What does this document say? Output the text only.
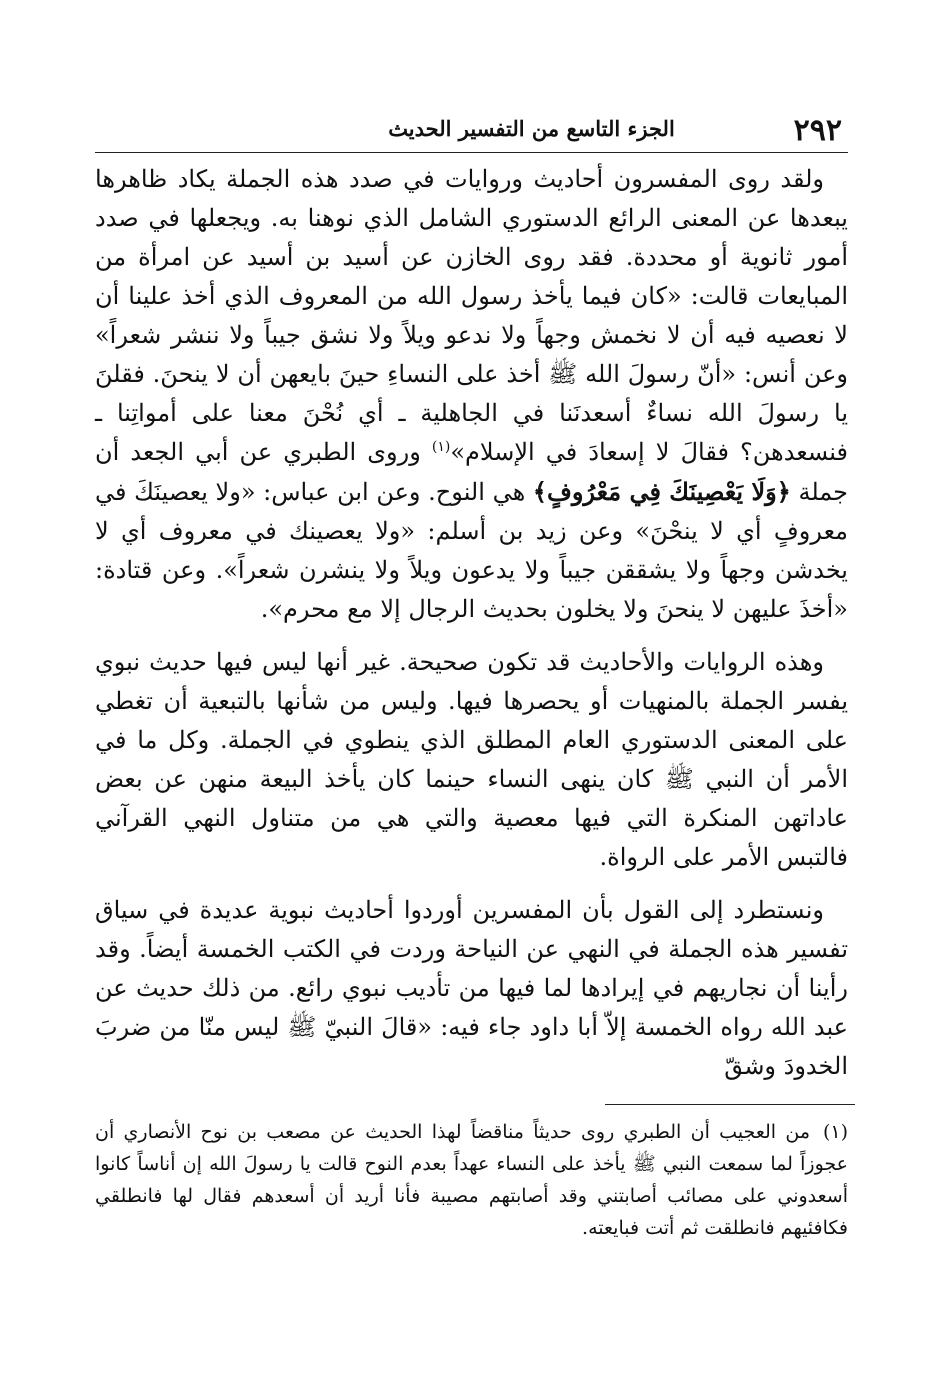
٢٩٢
الجزء التاسع من التفسير الحديث

ولقد روى المفسرون أحاديث وروايات في صدد هذه الجملة يكاد ظاهرها يبعدها عن المعنى الرائع الدستوري الشامل الذي نوهنا به. ويجعلها في صدد أمور ثانوية أو محددة. فقد روى الخازن عن أسيد بن أسيد عن امرأة من المبايعات قالت: «كان فيما يأخذ رسول الله من المعروف الذي أخذ علينا أن لا نعصيه فيه أن لا نخمش وجهاً ولا ندعو ويلاً ولا نشق جيباً ولا ننشر شعراً» وعن أنس: «أنّ رسولَ الله ﷺ أخذ على النساءِ حينَ بايعهن أن لا ينحنَ. فقلنَ يا رسولَ الله نساءٌ أسعدنَنا في الجاهلية ـ أي نُحْنَ معنا على أمواتِنا ـ فنسعدهن؟ فقالَ لا إسعادَ في الإسلام»$^{(١)}$ وروى الطبري عن أبي الجعد أن جملة ﴿وَلَا يَعْصِينَكَ فِي مَعْرُوفٍ﴾ هي النوح. وعن ابن عباس: «ولا يعصينَكَ في معروفٍ أي لا ينحْنَ» وعن زيد بن أسلم: «ولا يعصينك في معروف أي لا يخدشن وجهاً ولا يشققن جيباً ولا يدعون ويلاً ولا ينشرن شعراً». وعن قتادة: «أخذَ عليهن لا ينحنَ ولا يخلون بحديث الرجال إلا مع محرم».

وهذه الروايات والأحاديث قد تكون صحيحة. غير أنها ليس فيها حديث نبوي يفسر الجملة بالمنهيات أو يحصرها فيها. وليس من شأنها بالتبعية أن تغطي على المعنى الدستوري العام المطلق الذي ينطوي في الجملة. وكل ما في الأمر أن النبي ﷺ كان ينهى النساء حينما كان يأخذ البيعة منهن عن بعض عاداتهن المنكرة التي فيها معصية والتي هي من متناول النهي القرآني فالتبس الأمر على الرواة.

ونستطرد إلى القول بأن المفسرين أوردوا أحاديث نبوية عديدة في سياق تفسير هذه الجملة في النهي عن النياحة وردت في الكتب الخمسة أيضاً. وقد رأينا أن نجاريهم في إيرادها لما فيها من تأديب نبوي رائع. من ذلك حديث عن عبد الله رواه الخمسة إلاّ أبا داود جاء فيه: «قالَ النبيّ ﷺ ليس منّا من ضربَ الخدودَ وشقّ

(١)من العجيب أن الطبري روى حديثاً مناقضاً لهذا الحديث عن مصعب بن نوح الأنصاري أن عجوزاً لما سمعت النبي ﷺ يأخذ على النساء عهداً بعدم النوح قالت يا رسولَ الله إن أناساً كانوا أسعدوني على مصائب أصابتني وقد أصابتهم مصيبة فأنا أريد أن أسعدهم فقال لها فانطلقي فكافئيهم فانطلقت ثم أتت فبايعته.
